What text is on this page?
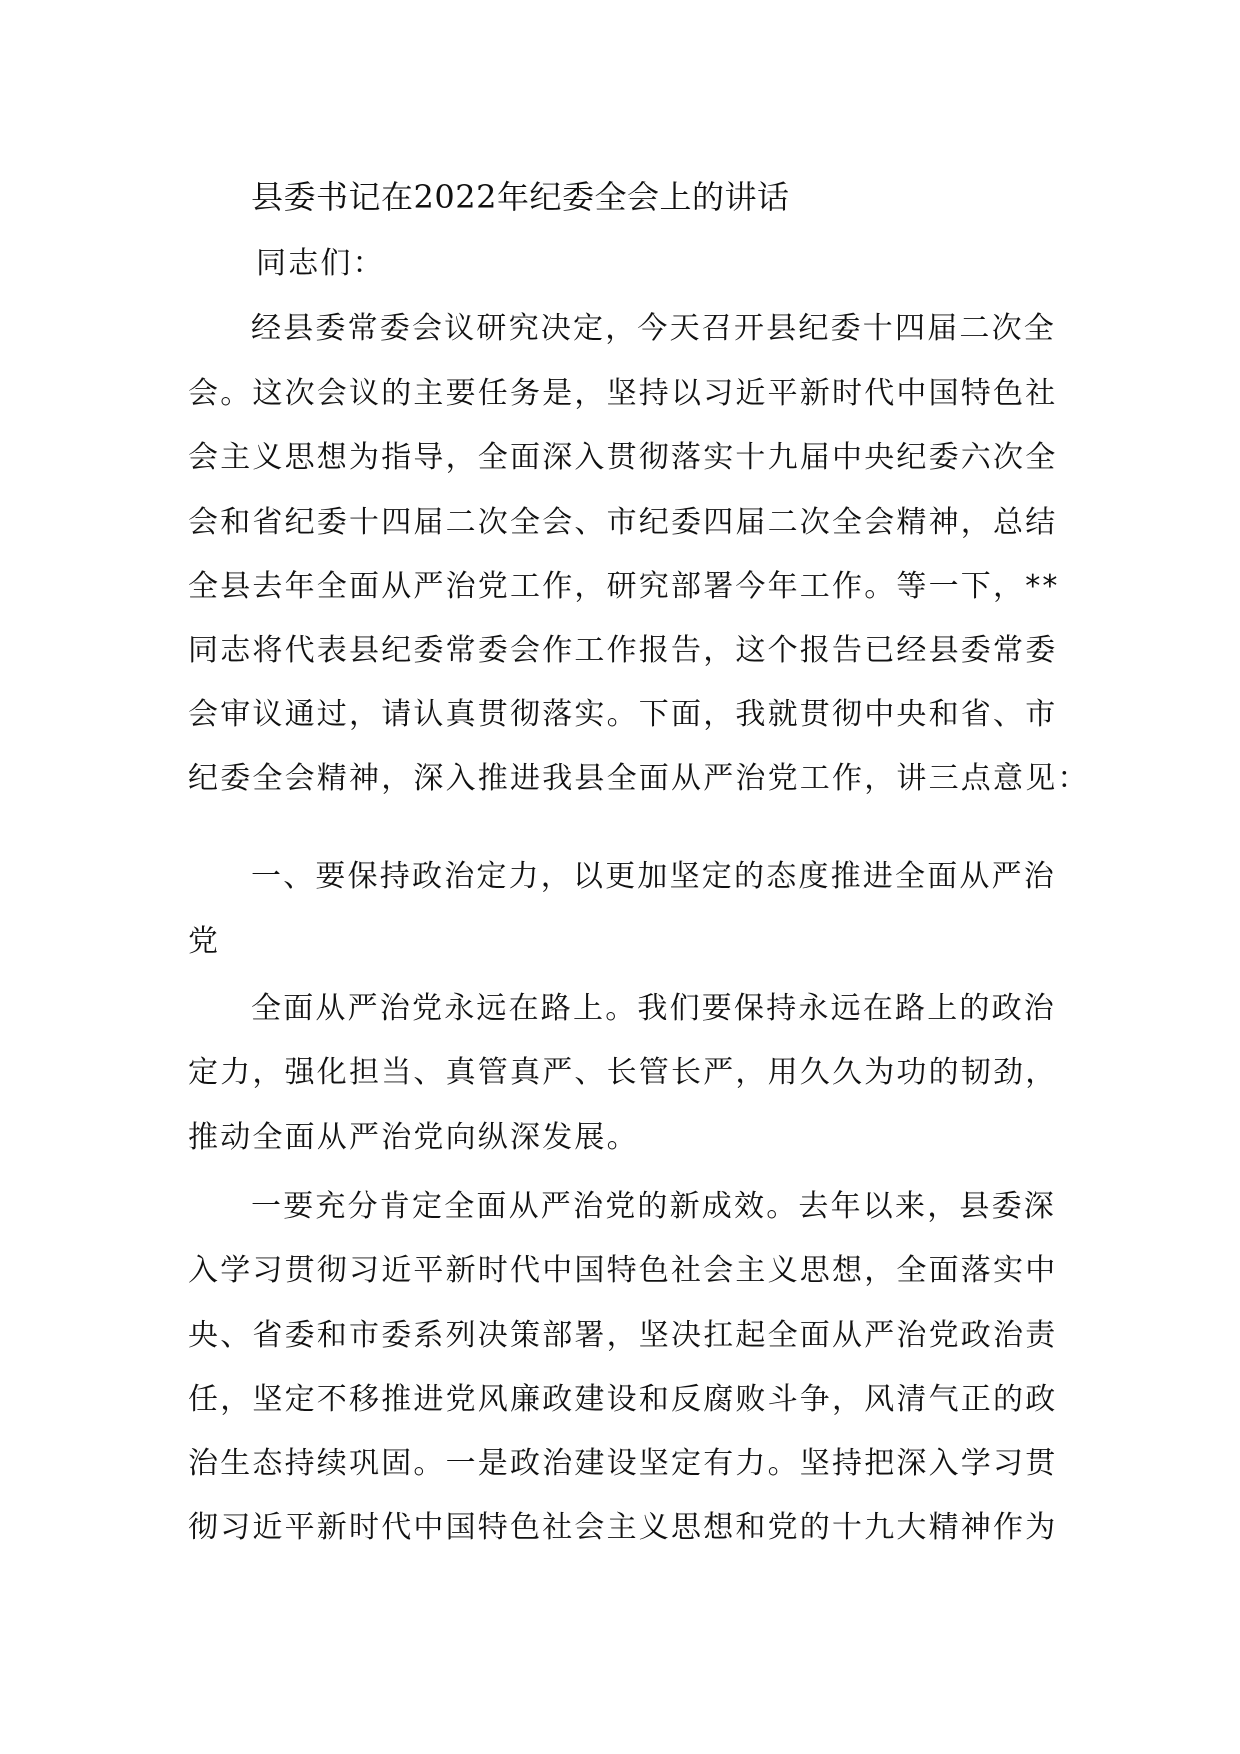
县委书记在2022年纪委全会上的讲话
同志们：
经县委常委会议研究决定，今天召开县纪委十四届二次全
会。这次会议的主要任务是，坚持以习近平新时代中国特色社
会主义思想为指导，全面深入贯彻落实十九届中央纪委六次全
会和省纪委十四届二次全会、市纪委四届二次全会精神，总结
全县去年全面从严治党工作，研究部署今年工作。等一下，**
同志将代表县纪委常委会作工作报告，这个报告已经县委常委
会审议通过，请认真贯彻落实。下面，我就贯彻中央和省、市
纪委全会精神，深入推进我县全面从严治党工作，讲三点意见：
一、要保持政治定力，以更加坚定的态度推进全面从严治
党
全面从严治党永远在路上。我们要保持永远在路上的政治
定力，强化担当、真管真严、长管长严，用久久为功的韧劲，
推动全面从严治党向纵深发展。
一要充分肯定全面从严治党的新成效。去年以来，县委深
入学习贯彻习近平新时代中国特色社会主义思想，全面落实中
央、省委和市委系列决策部署，坚决扛起全面从严治党政治责
任，坚定不移推进党风廉政建设和反腐败斗争，风清气正的政
治生态持续巩固。一是政治建设坚定有力。坚持把深入学习贯
彻习近平新时代中国特色社会主义思想和党的十九大精神作为
